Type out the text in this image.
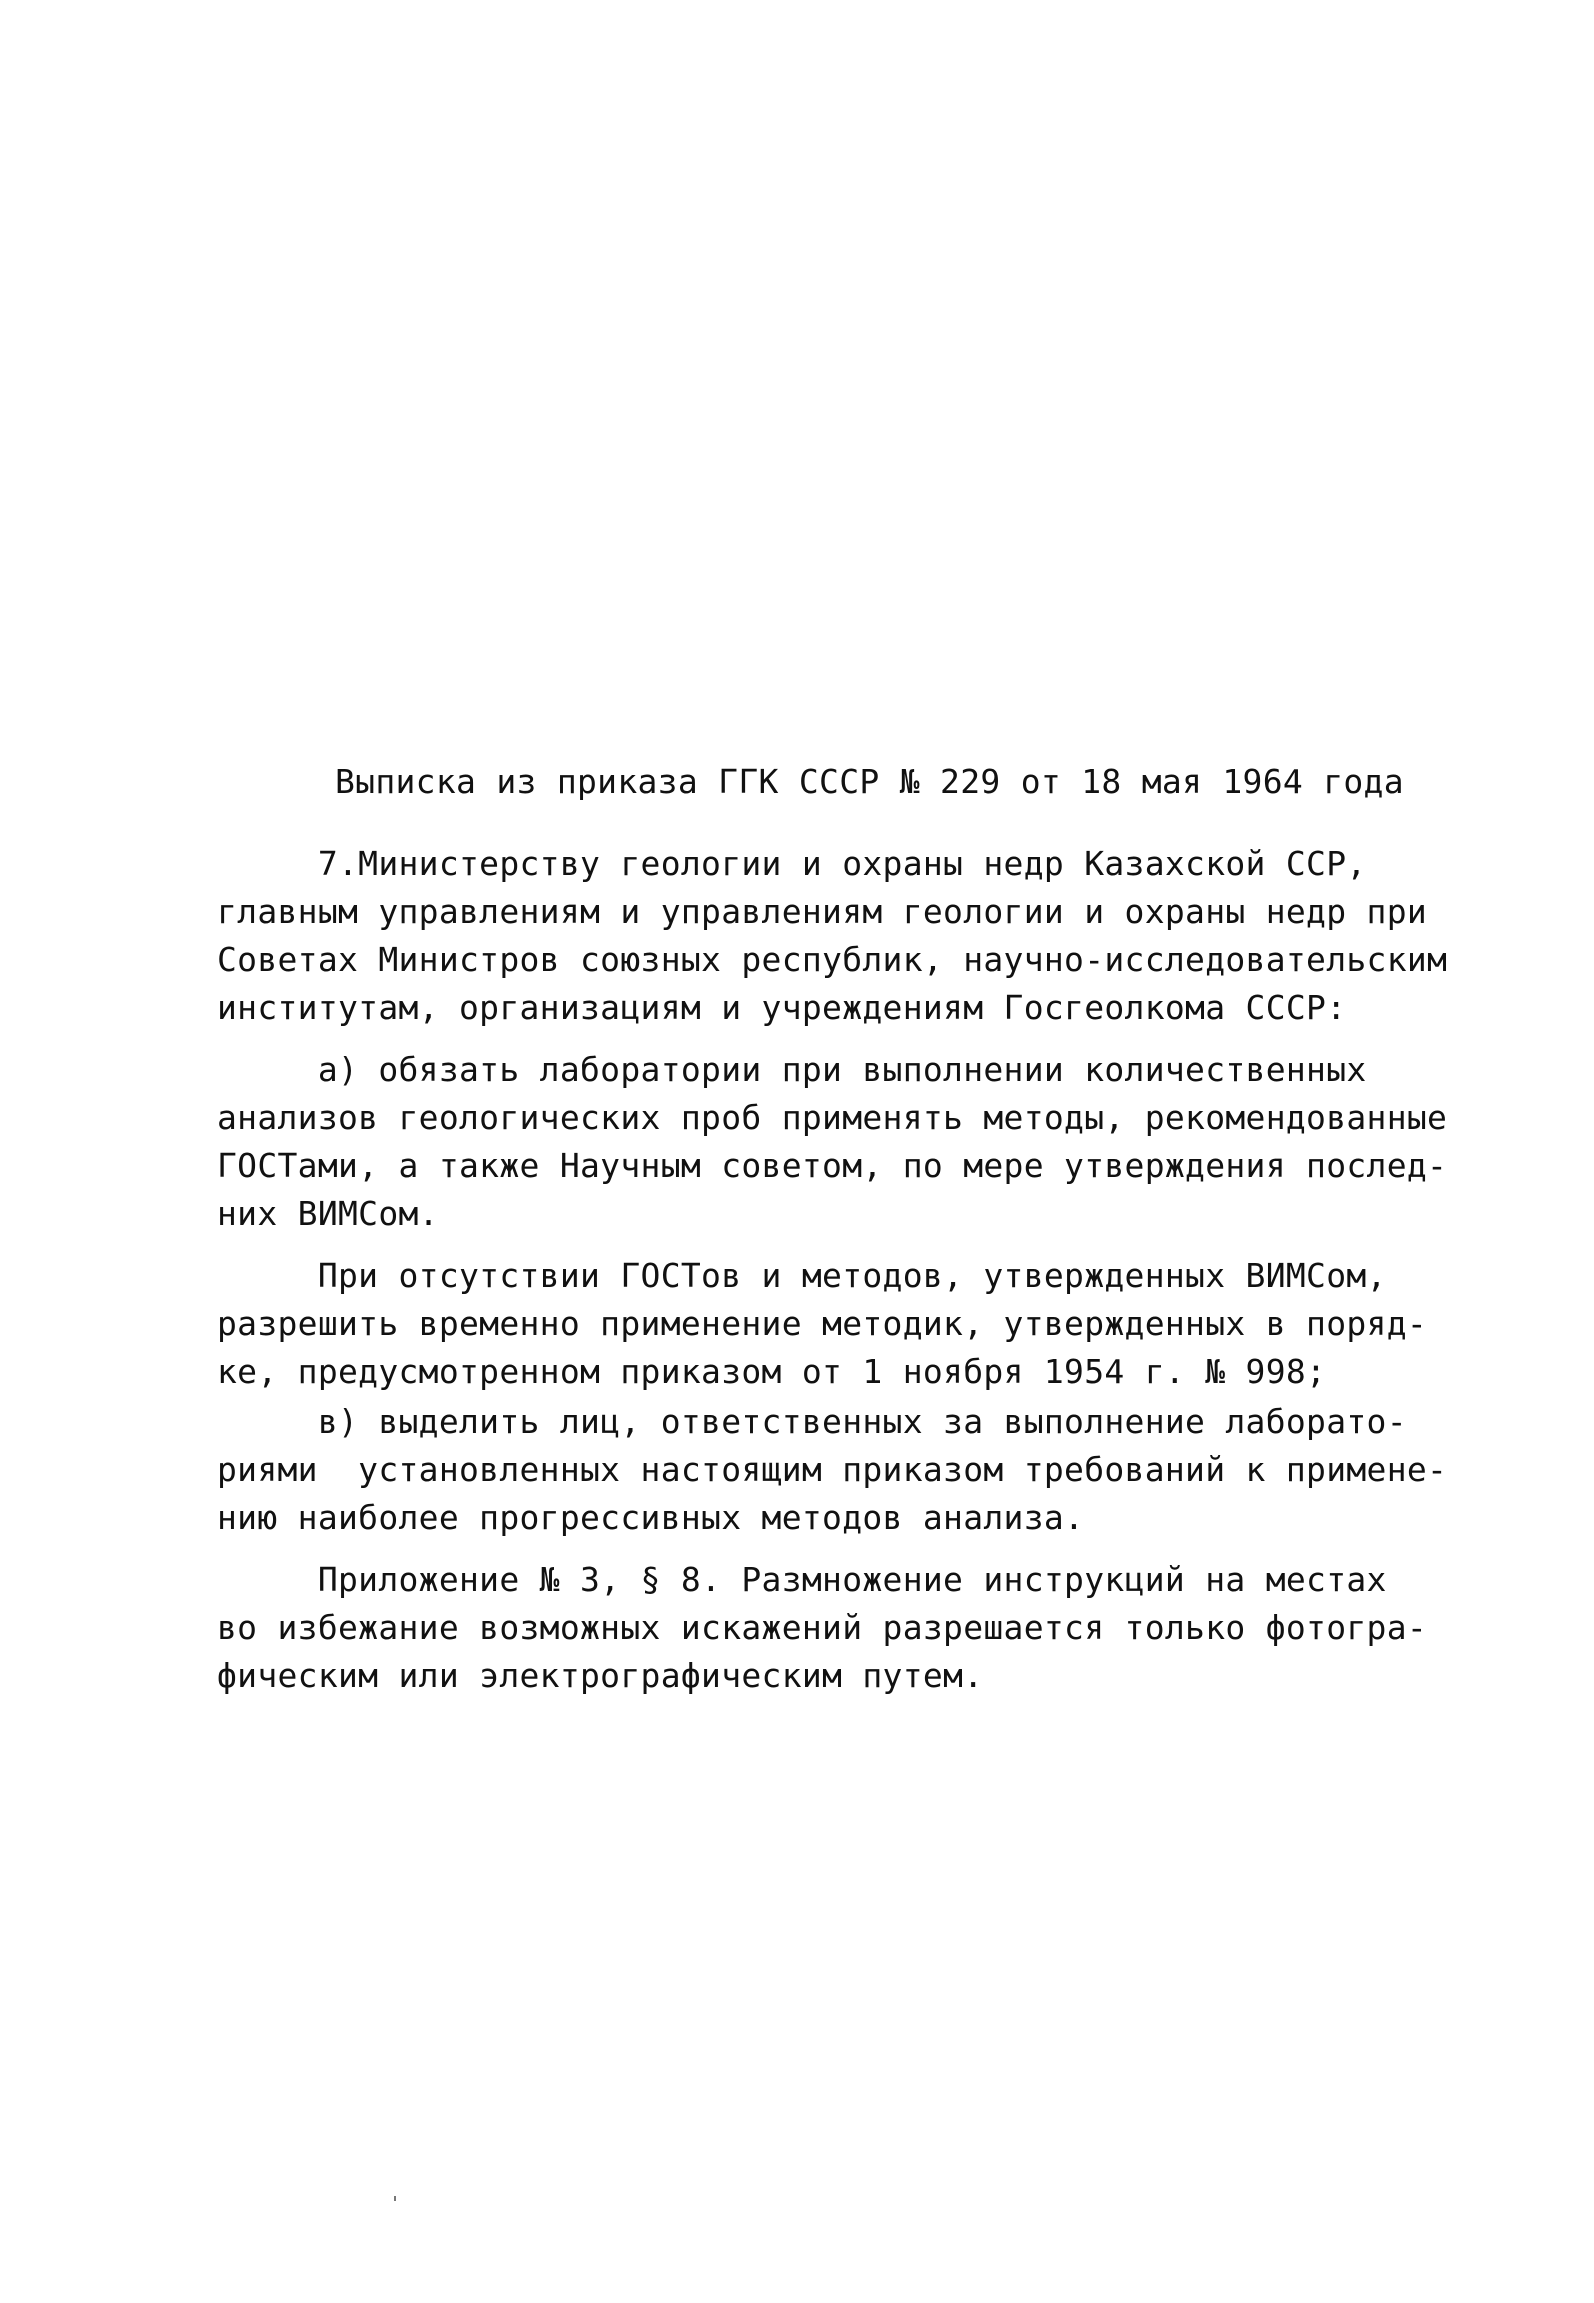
Выписка из приказа ГГК СССР № 229 от 18 мая 1964 года
7.Министерству геологии и охраны недр Казахской ССР,
главным управлениям и управлениям геологии и охраны недр при
Советах Министров союзных республик, научно-исследовательским
институтам, организациям и учреждениям Госгеолкома СССР:
а) обязать лаборатории при выполнении количественных
анализов геологических проб применять методы, рекомендованные
ГОСТами, а также Научным советом, по мере утверждения послед-
них ВИМСом.
При отсутствии ГОСТов и методов, утвержденных ВИМСом,
разрешить временно применение методик, утвержденных в поряд-
ке, предусмотренном приказом от 1 ноября 1954 г. № 998;
в) выделить лиц, ответственных за выполнение лаборато-
риями  установленных настоящим приказом требований к примене-
нию наиболее прогрессивных методов анализа.
Приложение № 3, § 8. Размножение инструкций на местах
во избежание возможных искажений разрешается только фотогра-
фическим или электрографическим путем.
